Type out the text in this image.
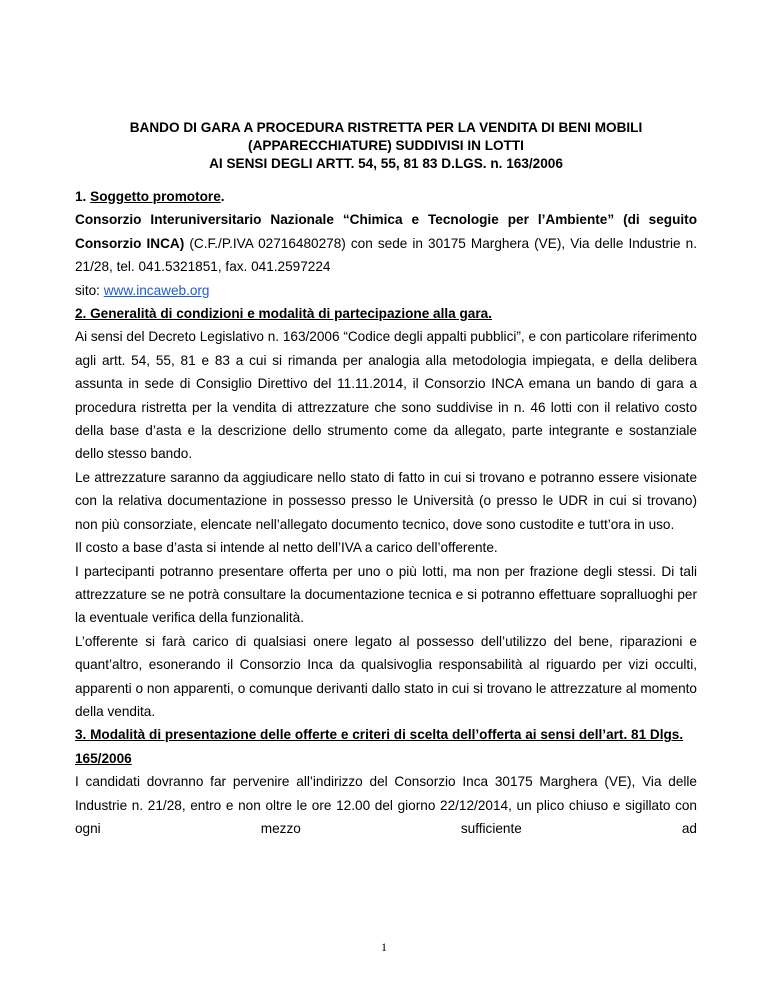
BANDO DI GARA A PROCEDURA RISTRETTA PER LA VENDITA DI BENI MOBILI
(APPARECCHIATURE) SUDDIVISI IN LOTTI
AI SENSI DEGLI ARTT. 54, 55, 81 83 D.LGS. n. 163/2006

1. Soggetto promotore.

Consorzio Interuniversitario Nazionale “Chimica e Tecnologie per l’Ambiente” (di seguito Consorzio INCA) (C.F./P.IVA 02716480278) con sede in 30175 Marghera (VE), Via delle Industrie n. 21/28, tel. 041.5321851, fax. 041.2597224

sito: www.incaweb.org

2. Generalità di condizioni e modalità di partecipazione alla gara.

Ai sensi del Decreto Legislativo n. 163/2006 “Codice degli appalti pubblici”, e con particolare riferimento agli artt. 54, 55, 81 e 83 a cui si rimanda per analogia alla metodologia impiegata, e della delibera assunta in sede di Consiglio Direttivo del 11.11.2014, il Consorzio INCA emana un bando di gara a procedura ristretta per la vendita di attrezzature che sono suddivise in n. 46 lotti con il relativo costo della base d’asta e la descrizione dello strumento come da allegato, parte integrante e sostanziale dello stesso bando.

Le attrezzature saranno da aggiudicare nello stato di fatto in cui si trovano e potranno essere visionate con la relativa documentazione in possesso presso le Università (o presso le UDR in cui si trovano) non più consorziate, elencate nell’allegato documento tecnico, dove sono custodite e tutt’ora in uso.

Il costo a base d’asta si intende al netto dell’IVA a carico dell’offerente.

I partecipanti potranno presentare offerta per uno o più lotti, ma non per frazione degli stessi. Di tali attrezzature se ne potrà consultare la documentazione tecnica e si potranno effettuare sopralluoghi per la eventuale verifica della funzionalità.

L’offerente si farà carico di qualsiasi onere legato al possesso dell’utilizzo del bene, riparazioni e quant’altro, esonerando il Consorzio Inca da qualsivoglia responsabilità al riguardo per vizi occulti, apparenti o non apparenti, o comunque derivanti dallo stato in cui si trovano le attrezzature al momento della vendita.

3. Modalità di presentazione delle offerte e criteri di scelta dell’offerta ai sensi dell’art. 81 Dlgs. 165/2006

I candidati dovranno far pervenire all’indirizzo del Consorzio Inca 30175 Marghera (VE), Via delle Industrie n. 21/28, entro e non oltre le ore 12.00 del giorno 22/12/2014, un plico chiuso e sigillato con ogni mezzo sufficiente ad

1
